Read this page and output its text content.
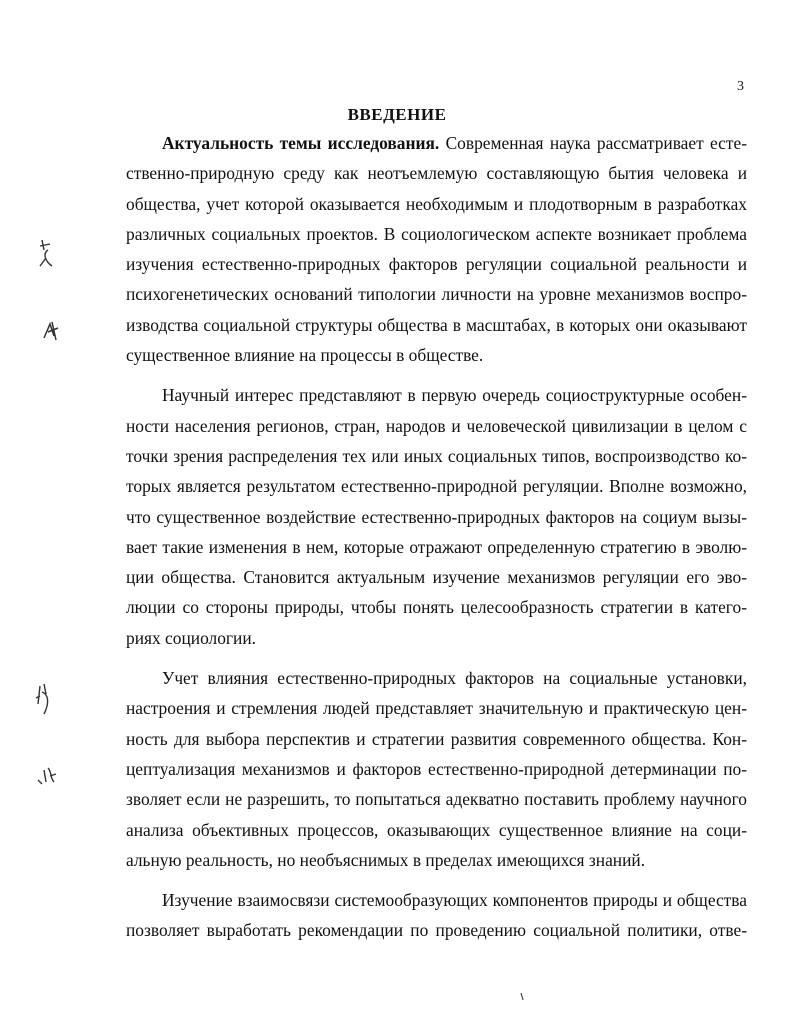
3
ВВЕДЕНИЕ
Актуальность темы исследования. Современная наука рассматривает есте-
ственно-природную среду как неотъемлемую составляющую бытия человека и
общества, учет которой оказывается необходимым и плодотворным в разработках
различных социальных проектов. В социологическом аспекте возникает проблема
изучения естественно-природных факторов регуляции социальной реальности и
психогенетических оснований типологии личности на уровне механизмов воспро-
изводства социальной структуры общества в масштабах, в которых они оказывают
существенное влияние на процессы в обществе.
Научный интерес представляют в первую очередь социоструктурные особен-
ности населения регионов, стран, народов и человеческой цивилизации в целом с
точки зрения распределения тех или иных социальных типов, воспроизводство ко-
торых является результатом естественно-природной регуляции. Вполне возможно,
что существенное воздействие естественно-природных факторов на социум вызы-
вает такие изменения в нем, которые отражают определенную стратегию в эволю-
ции общества. Становится актуальным изучение механизмов регуляции его эво-
люции со стороны природы, чтобы понять целесообразность стратегии в катего-
риях социологии.
Учет влияния естественно-природных факторов на социальные установки,
настроения и стремления людей представляет значительную и практическую цен-
ность для выбора перспектив и стратегии развития современного общества. Кон-
цептуализация механизмов и факторов естественно-природной детерминации по-
зволяет если не разрешить, то попытаться адекватно поставить проблему научного
анализа объективных процессов, оказывающих существенное влияние на соци-
альную реальность, но необъяснимых в пределах имеющихся знаний.
Изучение взаимосвязи системообразующих компонентов природы и общества
позволяет выработать рекомендации по проведению социальной политики, отве-
